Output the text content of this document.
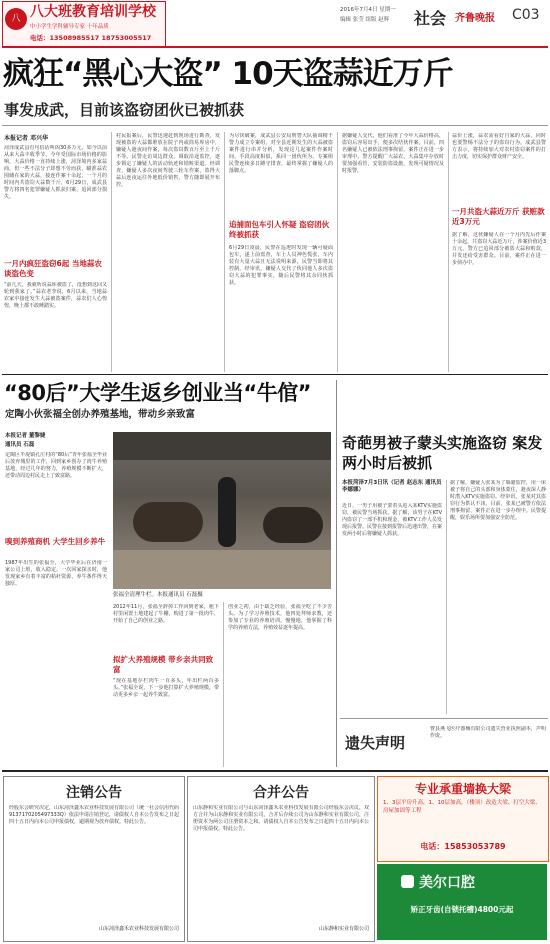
八 八大班教育培训学校
中小学生学科辅导专家 十年品质
电话：13508985517 18753005517
2016年7月4日 星期一
编辑 张莹 组版 赵辉 社会 齐鲁晚报 C03
疯狂“黑心大盗” 10天盗蒜近万斤
事发成武，目前该盗窃团伙已被抓获
本报记者 邓兴华
菏泽成武县有句俗话叫凶30多万元，如今以前从来大蒜丰收季节，今年受国际市场价格的影响，大蒜价格一直持续上涨，菏泽境内多家蒜商，但一些不法分子却想不劳而获，瞄准蒜农囤储在家的大蒜，接连作案十余起，一个月的时间内共盗窃大蒜数千斤，6月29日，成武县警方将四名犯罪嫌疑人抓获归案，追回部分损失。
一月内疯狂盗窃6起 当地蒜农谈盗色变
“前几天，我就听说蒜库被盗了，没想到这回又轮到我家了。”蒜农老李说，6月以来，当地蒜农家中接连发生大蒜被盗案件，蒜农们人心惶惶，晚上都不敢睡踏实。
村民报案后，民警迅速赶到现场进行勘查，发现被盗的大蒜都堆放在院子内或简易库房中，嫌疑人趁夜间作案，每次盗窃数百斤至上千斤不等。民警走访周边群众，调取沿途监控，逐步锁定了嫌疑人的活动轨迹和销赃渠道。经调查，嫌疑人多次夜间驾驶三轮车作案，盗得大蒜后连夜运往外地低价销售，警方随即展开布控。
为尽快破案，成武县公安局刑警大队抽调精干警力成立专案组，对全县近期发生的大蒜被盗案件进行串并分析，发现这几起案件作案时间、手段高度相似，系同一团伙所为。专案组民警连续多日蹲守排查，最终掌握了嫌疑人的落脚点。
追捕面包车引人怀疑 盗窃团伙终被抓获
6月29日凌晨，民警在巡逻时发现一辆可疑面包车，遂上前盘查，车上人员神色慌张，车内装有大量大蒜且无法说明来源，民警当即将其控制。经审讯，嫌疑人交代了伙同他人多次盗窃大蒜的犯罪事实，随后民警将其余同伙抓获。
据嫌疑人交代，他们看准了今年大蒜价格高，盗窃后容易出手，便多次结伙作案。目前，四名嫌疑人已被依法刑事拘留，案件正在进一步审理中。警方提醒广大蒜农，大蒜集中存放时要加强看管，安装防盗设施，发现可疑情况及时报警。
蒜价上涨，蒜农需看好自家的大蒜，同时也要警惕不法分子的盗窃行为。成武县警方表示，将持续加大对农村盗窃案件的打击力度，切实保护群众财产安全。
一月共盗大蒜近万斤 获赃款近3万元
据了解，这伙嫌疑人在一个月内先后作案十余起，共盗窃大蒜近万斤，涉案价值近3万元。警方已追回部分被盗大蒜和赃款，并发还给受害群众。目前，案件正在进一步侦办中。
“80后”大学生返乡创业当“牛倌”
定陶小伙张福全创办养殖基地，带动乡亲致富
本报记者 董黎婕
通讯员 石磊
定陶区半堤镇孔庄村的“80后”青年张福全毕业后放弃城里的工作，回到家乡创办了肉牛养殖基地，经过几年的努力，养殖规模不断扩大，还带动周边村民走上了致富路。
嗅到养殖商机 大学生回乡养牛
1987年出生的张福全，大学毕业后在济南一家公司上班，收入稳定。一次回家探亲时，他发现家乡有着丰富的秸秆资源，养牛条件得天独厚。
张福全清理牛栏。本报通讯员 石磊摄
2012年11月，张福全辞掉工作回到老家，租下村里闲置土地建起了牛棚，购进了第一批肉牛，开始了自己的创业之路。
拟扩大养殖规模 带乡亲共同致富
“现在基地存栏肉牛一百多头，年出栏两百多头。”张福全说，下一步他打算扩大养殖规模，带动更多乡亲一起养牛致富。
创业之初，由于缺乏经验，张福全吃了不少苦头。为了学习养殖技术，他四处拜师求教，还参加了专业的养殖培训。慢慢地，他掌握了科学的养殖方法，养殖效益逐年提高。
奇葩男被子蒙头实施盗窃 案发两小时后被抓
本报菏泽7月3日讯（记者 赵志东 通讯员 李娜娜）
近日，一男子用被子蒙着头进入某KTV实施盗窃，被民警当场抓获。据了解，该男子在KTV内盗窃了一部手机和现金，被KTV工作人员发现后报警。民警在接到报警后迅速出警，在案发两小时后将嫌疑人抓获。
据了解，嫌疑人张某为了躲避监控，用一床被子将自己的头部和身体蒙住，趁夜深人静时潜入KTV实施盗窃。经审讯，张某对其盗窃行为供认不讳。目前，张某已被警方依法刑事拘留，案件正在进一步办理中。民警提醒，娱乐场所要加强安全防范。
遗失声明
曹县燕飞医疗器械有限公司遗失营业执照副本，声明作废。
注销公告
经股东会研究决定，山东菏泽鑫禾农业科技发展有限公司（统一社会信用代码9137170205497333Q）依法申请注销登记，请债权人自本公告发布之日起四十五日内向本公司申报债权，逾期视为放弃债权。特此公告。
山东菏泽鑫禾农业科技发展有限公司
合并公告
山东静和实业有限公司与山东菏泽鑫禾农业科技发展有限公司经股东会决议，双方合并为山东静和实业有限公司，合并后存续公司为山东静和实业有限公司，注册资本为两公司注册资本之和。请债权人自本公告发布之日起四十五日内向本公司申报债权。特此公告。
山东静和实业有限公司
专业承重墙换大梁
1、3层平房升高，1、10层加高，（楼顶）改造大梁、打空大梁、房屋加固等工程
电话：15853053789
美尔口腔
矫正牙齿(自锁托槽)4800元起
